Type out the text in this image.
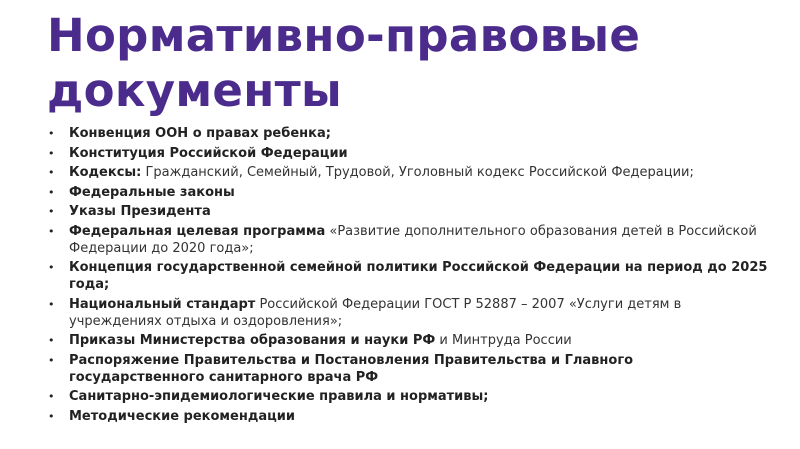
Нормативно-правовые документы
• Конвенция ООН о правах ребенка;
• Конституция Российской Федерации
• Кодексы: Гражданский, Семейный, Трудовой, Уголовный кодекс Российской Федерации;
• Федеральные законы
• Указы Президента
• Федеральная целевая программа «Развитие дополнительного образования детей в Российской Федерации до 2020 года»;
• Концепция государственной семейной политики Российской Федерации на период до 2025 года;
• Национальный стандарт Российской Федерации ГОСТ Р 52887 – 2007 «Услуги детям в учреждениях отдыха и оздоровления»;
• Приказы Министерства образования и науки РФ и Минтруда России
• Распоряжение Правительства и Постановления Правительства и Главного государственного санитарного врача РФ
• Санитарно-эпидемиологические правила и нормативы;
• Методические рекомендации
